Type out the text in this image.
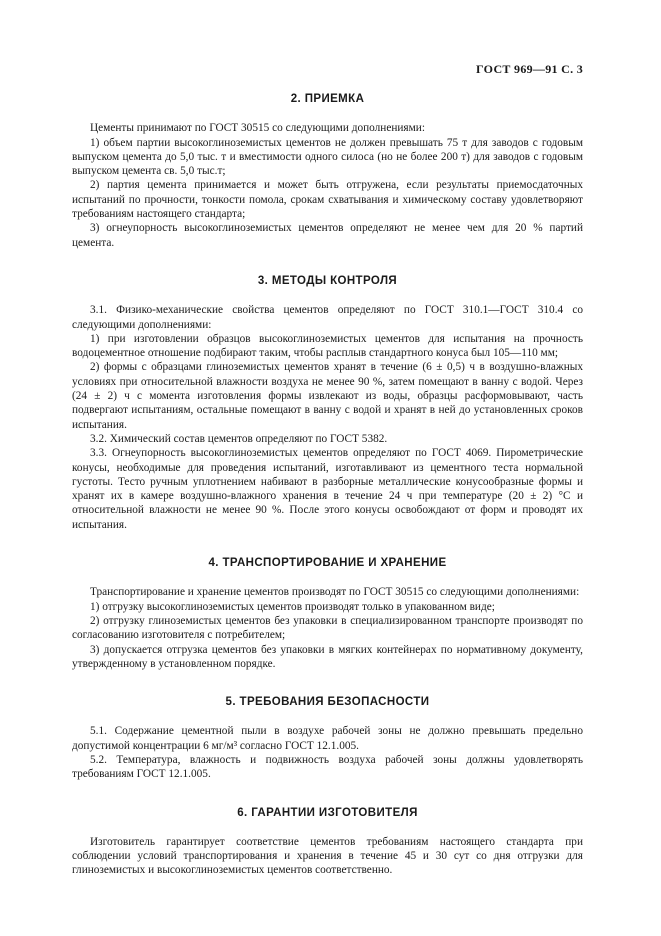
ГОСТ 969—91 С. 3
2. ПРИЕМКА

Цементы принимают по ГОСТ 30515 со следующими дополнениями:

1) объем партии высокоглиноземистых цементов не должен превышать 75 т для заводов с годовым выпуском цемента до 5,0 тыс. т и вместимости одного силоса (но не более 200 т) для заводов с годовым выпуском цемента св. 5,0 тыс.т;

2) партия цемента принимается и может быть отгружена, если результаты приемосдаточных испытаний по прочности, тонкости помола, срокам схватывания и химическому составу удовлетворяют требованиям настоящего стандарта;

3) огнеупорность высокоглиноземистых цементов определяют не менее чем для 20 % партий цемента.

3. МЕТОДЫ КОНТРОЛЯ

3.1. Физико-механические свойства цементов определяют по ГОСТ 310.1—ГОСТ 310.4 со следующими дополнениями:

1) при изготовлении образцов высокоглиноземистых цементов для испытания на прочность водоцементное отношение подбирают таким, чтобы расплыв стандартного конуса был 105—110 мм;

2) формы с образцами глиноземистых цементов хранят в течение (6 ± 0,5) ч в воздушно-влажных условиях при относительной влажности воздуха не менее 90 %, затем помещают в ванну с водой. Через (24 ± 2) ч с момента изготовления формы извлекают из воды, образцы расформовывают, часть подвергают испытаниям, остальные помещают в ванну с водой и хранят в ней до установленных сроков испытания.

3.2. Химический состав цементов определяют по ГОСТ 5382.

3.3. Огнеупорность высокоглиноземистых цементов определяют по ГОСТ 4069. Пирометрические конусы, необходимые для проведения испытаний, изготавливают из цементного теста нормальной густоты. Тесто ручным уплотнением набивают в разборные металлические конусообразные формы и хранят их в камере воздушно-влажного хранения в течение 24 ч при температуре (20 ± 2) °С и относительной влажности не менее 90 %. После этого конусы освобождают от форм и проводят их испытания.

4. ТРАНСПОРТИРОВАНИЕ И ХРАНЕНИЕ

Транспортирование и хранение цементов производят по ГОСТ 30515 со следующими дополнениями:

1) отгрузку высокоглиноземистых цементов производят только в упакованном виде;

2) отгрузку глиноземистых цементов без упаковки в специализированном транспорте производят по согласованию изготовителя с потребителем;

3) допускается отгрузка цементов без упаковки в мягких контейнерах по нормативному документу, утвержденному в установленном порядке.

5. ТРЕБОВАНИЯ БЕЗОПАСНОСТИ

5.1. Содержание цементной пыли в воздухе рабочей зоны не должно превышать предельно допустимой концентрации 6 мг/м³ согласно ГОСТ 12.1.005.

5.2. Температура, влажность и подвижность воздуха рабочей зоны должны удовлетворять требованиям ГОСТ 12.1.005.

6. ГАРАНТИИ ИЗГОТОВИТЕЛЯ

Изготовитель гарантирует соответствие цементов требованиям настоящего стандарта при соблюдении условий транспортирования и хранения в течение 45 и 30 сут со дня отгрузки для глиноземистых и высокоглиноземистых цементов соответственно.
